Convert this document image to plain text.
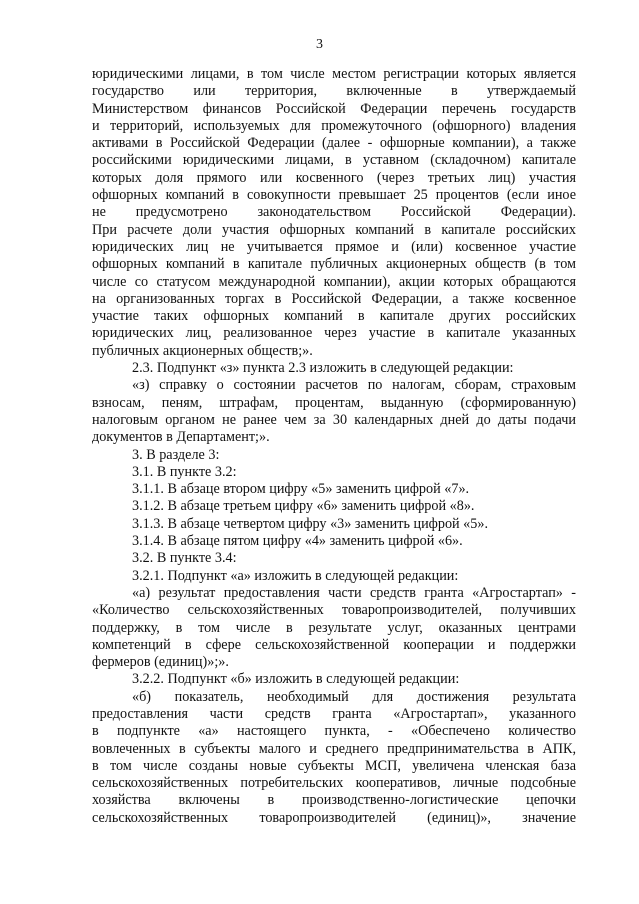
3
юридическими лицами, в том числе местом регистрации которых является
государство или территория, включенные в утверждаемый
Министерством финансов Российской Федерации перечень государств
и территорий, используемых для промежуточного (офшорного) владения
активами в Российской Федерации (далее - офшорные компании), а также
российскими юридическими лицами, в уставном (складочном) капитале
которых доля прямого или косвенного (через третьих лиц) участия
офшорных компаний в совокупности превышает 25 процентов (если иное
не предусмотрено законодательством Российской Федерации).
При расчете доли участия офшорных компаний в капитале российских
юридических лиц не учитывается прямое и (или) косвенное участие
офшорных компаний в капитале публичных акционерных обществ (в том
числе со статусом международной компании), акции которых обращаются
на организованных торгах в Российской Федерации, а также косвенное
участие таких офшорных компаний в капитале других российских
юридических лиц, реализованное через участие в капитале указанных
публичных акционерных обществ;».
2.3. Подпункт «з» пункта 2.3 изложить в следующей редакции:
«з) справку о состоянии расчетов по налогам, сборам, страховым
взносам, пеням, штрафам, процентам, выданную (сформированную)
налоговым органом не ранее чем за 30 календарных дней до даты подачи
документов в Департамент;».
3. В разделе 3:
3.1. В пункте 3.2:
3.1.1. В абзаце втором цифру «5» заменить цифрой «7».
3.1.2. В абзаце третьем цифру «6» заменить цифрой «8».
3.1.3. В абзаце четвертом цифру «3» заменить цифрой «5».
3.1.4. В абзаце пятом цифру «4» заменить цифрой «6».
3.2. В пункте 3.4:
3.2.1. Подпункт «а» изложить в следующей редакции:
«а) результат предоставления части средств гранта «Агростартап» -
«Количество сельскохозяйственных товаропроизводителей, получивших
поддержку, в том числе в результате услуг, оказанных центрами
компетенций в сфере сельскохозяйственной кооперации и поддержки
фермеров (единиц)»;».
3.2.2. Подпункт «б» изложить в следующей редакции:
«б) показатель, необходимый для достижения результата
предоставления части средств гранта «Агростартап», указанного
в подпункте «а» настоящего пункта, - «Обеспечено количество
вовлеченных в субъекты малого и среднего предпринимательства в АПК,
в том числе созданы новые субъекты МСП, увеличена членская база
сельскохозяйственных потребительских кооперативов, личные подсобные
хозяйства включены в производственно-логистические цепочки
сельскохозяйственных товаропроизводителей (единиц)», значение
